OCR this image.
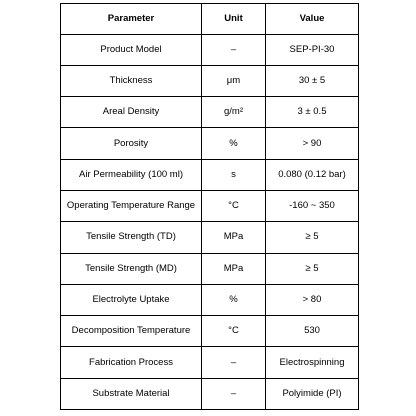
Parameter	Unit	Value
Product Model	–	SEP-PI-30
Thickness	μm	30 ± 5
Areal Density	g/m²	3 ± 0.5
Porosity	%	> 90
Air Permeability (100 ml)	s	0.080 (0.12 bar)
Operating Temperature Range	°C	-160 ~ 350
Tensile Strength (TD)	MPa	≥ 5
Tensile Strength (MD)	MPa	≥ 5
Electrolyte Uptake	%	> 80
Decomposition Temperature	°C	530
Fabrication Process	–	Electrospinning
Substrate Material	–	Polyimide (PI)
